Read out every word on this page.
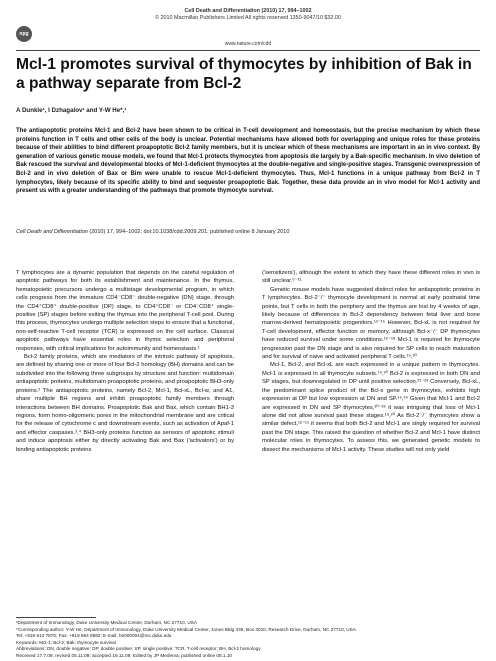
npg
Cell Death and Differentiation (2010) 17, 994–1002
© 2010 Macmillan Publishers Limited All rights reserved 1350-9047/10 $32.00
www.nature.com/cdd
Mcl-1 promotes survival of thymocytes by inhibition of Bak in a pathway separate from Bcl-2
A Dunkle¹, I Dzhagalov¹ and Y-W He*,¹

The antiapoptotic proteins Mcl-1 and Bcl-2 have been shown to be critical in T-cell development and homeostasis, but the precise mechanism by which these proteins function in T cells and other cells of the body is unclear. Potential mechanisms have allowed both for overlapping and unique roles for these proteins because of their abilities to bind different proapoptotic Bcl-2 family members, but it is unclear which of these mechanisms are important in an in vivo context. By generation of various genetic mouse models, we found that Mcl-1 protects thymocytes from apoptosis die largely by a Bak-specific mechanism. In vivo deletion of Bak rescued the survival and developmental blocks of Mcl-1-deficient thymocytes at the double-negative and single-positive stages. Transgenic overexpression of Bcl-2 and in vivo deletion of Bax or Bim were unable to rescue Mcl-1-deficient thymocytes. Thus, Mcl-1 functions in a unique pathway from Bcl-2 in T lymphocytes, likely because of its specific ability to bind and sequester proapoptotic Bak. Together, these data provide an in vivo model for Mcl-1 activity and present us with a greater understanding of the pathways that promote thymocyte survival.

Cell Death and Differentiation (2010) 17, 994–1002; doi:10.1038/cdd.2009.201; published online 8 January 2010

T lymphocytes are a dynamic population that depends on the careful regulation of apoptotic pathways for both its establishment and maintenance. In the thymus, hematopoietic precursors undergo a multistage developmental program, in which cells progress from the immature CD4⁻CD8⁻ double-negative (DN) stage, through the CD4⁺CD8⁺ double-positive (DP) stage, to CD4⁺CD8⁻ or CD4⁻CD8⁺ single-positive (SP) stages before exiting the thymus into the peripheral T-cell pool. During this process, thymocytes undergo multiple selection steps to ensure that a functional, non-self-reactive T-cell receptor (TCR) is expressed on the cell surface. Classical apoptotic pathways have essential roles in thymic selection and peripheral responses, with critical implications for autoimmunity and homeostasis.¹

Bcl-2 family proteins, which are mediators of the intrinsic pathway of apoptosis, are defined by sharing one or more of four Bcl-2 homology (BH) domains and can be subdivided into the following three subgroups by structure and function: multidomain antiapoptotic proteins, multidomain proapoptotic proteins, and proapoptotic BH3-only proteins.² The antiapoptotic proteins, namely Bcl-2, Mcl-1, Bcl-xL, Bcl-w, and A1, share multiple BH regions and inhibit proapoptotic family members through interactions between BH domains. Proapoptotic Bak and Bax, which contain BH1-3 regions, form homo-oligomeric pores in the mitochondrial membrane and are critical for the release of cytochrome c and downstream events, such as activation of Apaf-1 and effector caspases.³,⁴ BH3-only proteins function as sensors of apoptotic stimuli and induce apoptosis either by directly activating Bak and Bax ('activators') or by binding antiapoptotic proteins

('sensitizers'), although the extent to which they have these different roles in vivo is still unclear.⁵⁻¹¹

Genetic mouse models have suggested distinct roles for antiapoptotic proteins in T lymphocytes. Bcl-2⁻/⁻ thymocyte development is normal at early postnatal time points, but T cells in both the periphery and the thymus are lost by 4 weeks of age, likely because of differences in Bcl-2 dependency between fetal liver and bone marrow-derived hematopoietic progenitors.¹²⁻¹⁵ However, Bcl-xL is not required for T-cell development, effector function or memory, although Bcl-x⁻/⁻ DP thymocytes have reduced survival under some conditions.¹⁶⁻¹⁸ Mcl-1 is required for thymocyte progression past the DN stage and is also required for SP cells to reach maturation and for survival of naive and activated peripheral T cells.¹⁹,²⁰

Mcl-1, Bcl-2, and Bcl-xL are each expressed in a unique pattern in thymocytes. Mcl-1 is expressed in all thymocyte subsets.¹⁹,²⁰ Bcl-2 is expressed in both DN and SP stages, but downregulated in DP until positive selection.²¹⁻²³ Conversely, Bcl-xL, the predominant splice product of the Bcl-x gene in thymocytes, exhibits high expression at DP but low expression at DN and SP.¹⁶,²⁴ Given that Mcl-1 and Bcl-2 are expressed in DN and SP thymocytes,²⁰⁻²³ it was intriguing that loss of Mcl-1 alone did not allow survival past these stages.¹⁹,²⁰ As Bcl-2⁻/⁻ thymocytes show a similar defect,¹²⁻¹⁵ it seems that both Bcl-2 and Mcl-1 are singly required for survival past the DN stage. This raised the question of whether Bcl-2 and Mcl-1 have distinct molecular roles in thymocytes. To assess this, we generated genetic models to dissect the mechanisms of Mcl-1 activity. These studies will not only yield

¹Department of Immunology, Duke University Medical Center, Durham, NC 27710, USA
*Corresponding author: Y-W He, Department of Immunology, Duke University Medical Center, Jones Bldg 335, Box 3010, Research Drive, Durham, NC 27710, USA.
Tel: +919 613 7870; Fax: +919 684 8982; E-mail: he000004@mc.duke.edu
Keywords: Mcl-1; Bcl-2; Bak; thymocyte survival
Abbreviations: DN, double negative; DP, double positive; SP, single positive; TCR, T-cell receptor; BH, Bcl-2 homology
Received 17.7.09; revised 05.11.09; accepted 19.11.09; Edited by JP Medema; published online 08.1.10
